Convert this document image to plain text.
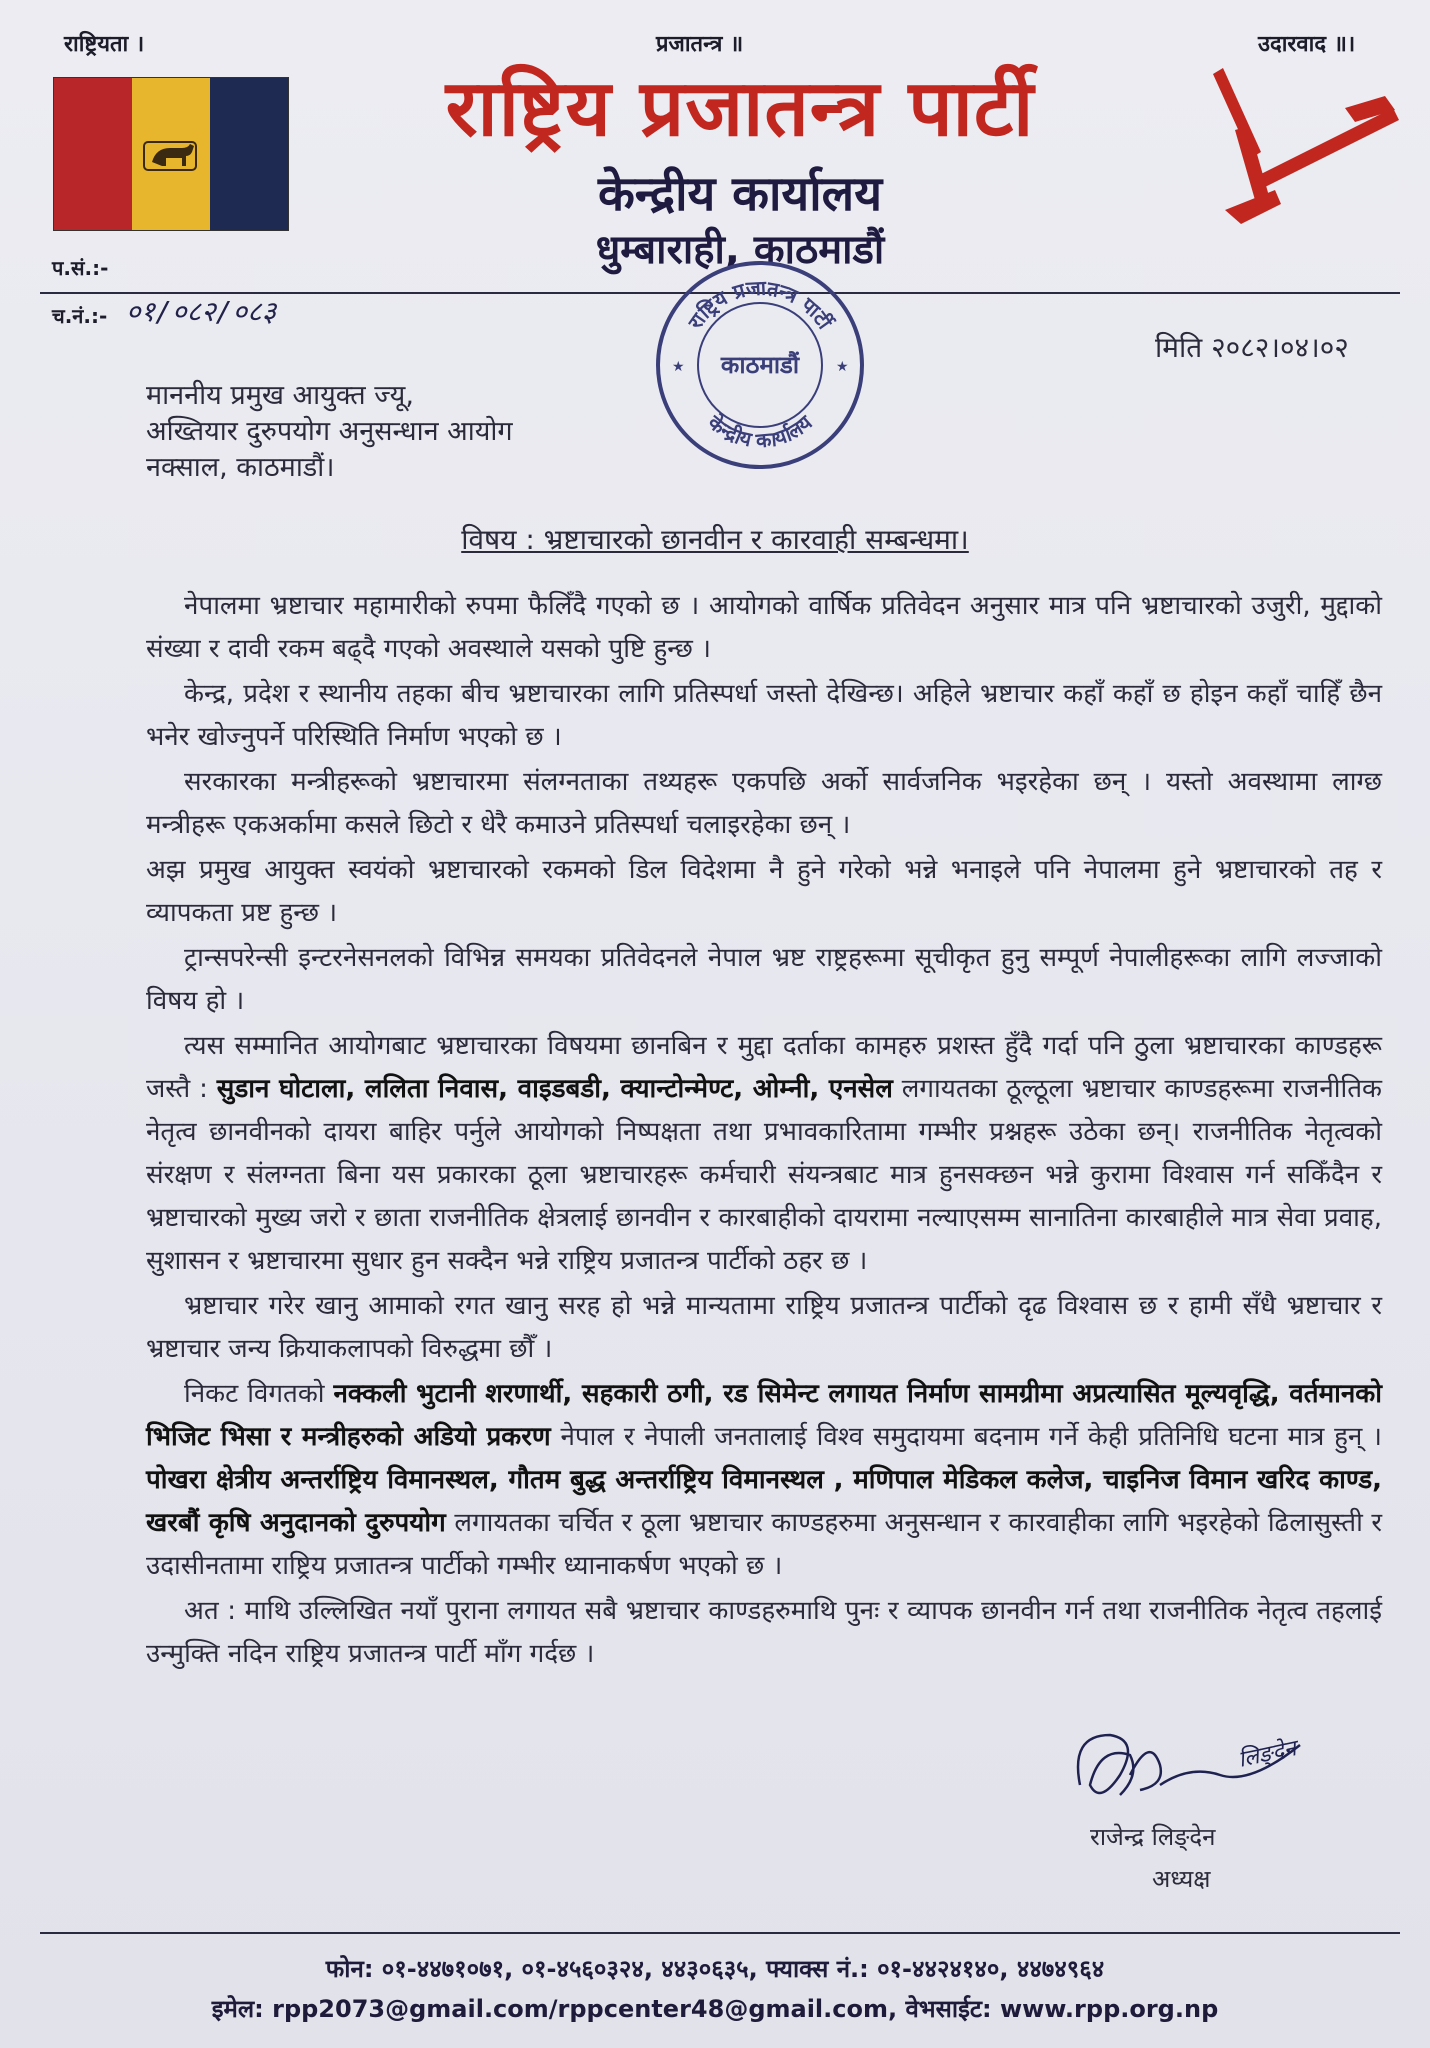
राष्ट्रियता ।	प्रजातन्त्र ॥	उदारवाद ॥।
राष्ट्रिय प्रजातन्त्र पार्टी
केन्द्रीय कार्यालय
धुम्बाराही, काठमाडौं
प.सं.:-
च.नं.:- ०१/०८२/०८३	राष्ट्रिय प्रजातन्त्र पार्टी
काठमाडौं
केन्द्रीय कार्यालय
★	★
मिति २०८२।०४।०२
माननीय प्रमुख आयुक्त ज्यू,
अख्तियार दुरुपयोग अनुसन्धान आयोग
नक्साल, काठमाडौं।
विषय : भ्रष्टाचारको छानवीन र कारवाही सम्बन्धमा।

नेपालमा भ्रष्टाचार महामारीको रुपमा फैलिँदै गएको छ । आयोगको वार्षिक प्रतिवेदन अनुसार मात्र पनि भ्रष्टाचारको उजुरी, मुद्दाको संख्या र दावी रकम बढ्दै गएको अवस्थाले यसको पुष्टि हुन्छ ।

केन्द्र, प्रदेश र स्थानीय तहका बीच भ्रष्टाचारका लागि प्रतिस्पर्धा जस्तो देखिन्छ। अहिले भ्रष्टाचार कहाँ कहाँ छ होइन कहाँ चाहिँ छैन भनेर खोज्नुपर्ने परिस्थिति निर्माण भएको छ ।

सरकारका मन्त्रीहरूको भ्रष्टाचारमा संलग्नताका तथ्यहरू एकपछि अर्को सार्वजनिक भइरहेका छन् । यस्तो अवस्थामा लाग्छ मन्त्रीहरू एकअर्कामा कसले छिटो र धेरै कमाउने प्रतिस्पर्धा चलाइरहेका छन् ।

अझ प्रमुख आयुक्त स्वयंको भ्रष्टाचारको रकमको डिल विदेशमा नै हुने गरेको भन्ने भनाइले पनि नेपालमा हुने भ्रष्टाचारको तह र व्यापकता प्रष्ट हुन्छ ।

ट्रान्सपरेन्सी इन्टरनेसनलको विभिन्न समयका प्रतिवेदनले नेपाल भ्रष्ट राष्ट्रहरूमा सूचीकृत हुनु सम्पूर्ण नेपालीहरूका लागि लज्जाको विषय हो ।

त्यस सम्मानित आयोगबाट भ्रष्टाचारका विषयमा छानबिन र मुद्दा दर्ताका कामहरु प्रशस्त हुँदै गर्दा पनि ठुला भ्रष्टाचारका काण्डहरू जस्तै : सुडान घोटाला, ललिता निवास, वाइडबडी, क्यान्टोन्मेण्ट, ओम्नी, एनसेल लगायतका ठूल्ठूला भ्रष्टाचार काण्डहरूमा राजनीतिक नेतृत्व छानवीनको दायरा बाहिर पर्नुले आयोगको निष्पक्षता तथा प्रभावकारितामा गम्भीर प्रश्नहरू उठेका छन्। राजनीतिक नेतृत्वको संरक्षण र संलग्नता बिना यस प्रकारका ठूला भ्रष्टाचारहरू कर्मचारी संयन्त्रबाट मात्र हुनसक्छन भन्ने कुरामा विश्वास गर्न सकिँदैन र भ्रष्टाचारको मुख्य जरो र छाता राजनीतिक क्षेत्रलाई छानवीन र कारबाहीको दायरामा नल्याएसम्म सानातिना कारबाहीले मात्र सेवा प्रवाह, सुशासन र भ्रष्टाचारमा सुधार हुन सक्दैन भन्ने राष्ट्रिय प्रजातन्त्र पार्टीको ठहर छ ।

भ्रष्टाचार गरेर खानु आमाको रगत खानु सरह हो भन्ने मान्यतामा राष्ट्रिय प्रजातन्त्र पार्टीको दृढ विश्वास छ र हामी सँधै भ्रष्टाचार र भ्रष्टाचार जन्य क्रियाकलापको विरुद्धमा छौँ ।

निकट विगतको नक्कली भुटानी शरणार्थी, सहकारी ठगी, रड सिमेन्ट लगायत निर्माण सामग्रीमा अप्रत्यासित मूल्यवृद्धि, वर्तमानको भिजिट भिसा र मन्त्रीहरुको अडियो प्रकरण नेपाल र नेपाली जनतालाई विश्व समुदायमा बदनाम गर्ने केही प्रतिनिधि घटना मात्र हुन् । पोखरा क्षेत्रीय अन्तर्राष्ट्रिय विमानस्थल, गौतम बुद्ध अन्तर्राष्ट्रिय विमानस्थल , मणिपाल मेडिकल कलेज, चाइनिज विमान खरिद काण्ड, खरबौं कृषि अनुदानको दुरुपयोग लगायतका चर्चित र ठूला भ्रष्टाचार काण्डहरुमा अनुसन्धान र कारवाहीका लागि भइरहेको ढिलासुस्ती र उदासीनतामा राष्ट्रिय प्रजातन्त्र पार्टीको गम्भीर ध्यानाकर्षण भएको छ ।

अत : माथि उल्लिखित नयाँ पुराना लगायत सबै भ्रष्टाचार काण्डहरुमाथि पुनः र व्यापक छानवीन गर्न तथा राजनीतिक नेतृत्व तहलाई उन्मुक्ति नदिन राष्ट्रिय प्रजातन्त्र पार्टी माँग गर्दछ ।

लिङ्देन
राजेन्द्र लिङ्देन
अध्यक्ष
फोन: ०१-४४७१०७१, ०१-४५६०३२४, ४४३०६३५, फ्याक्स नं.: ०१-४४२४१४०, ४४७४९६४
इमेल: rpp2073@gmail.com/rppcenter48@gmail.com, वेभसाईट: www.rpp.org.np
